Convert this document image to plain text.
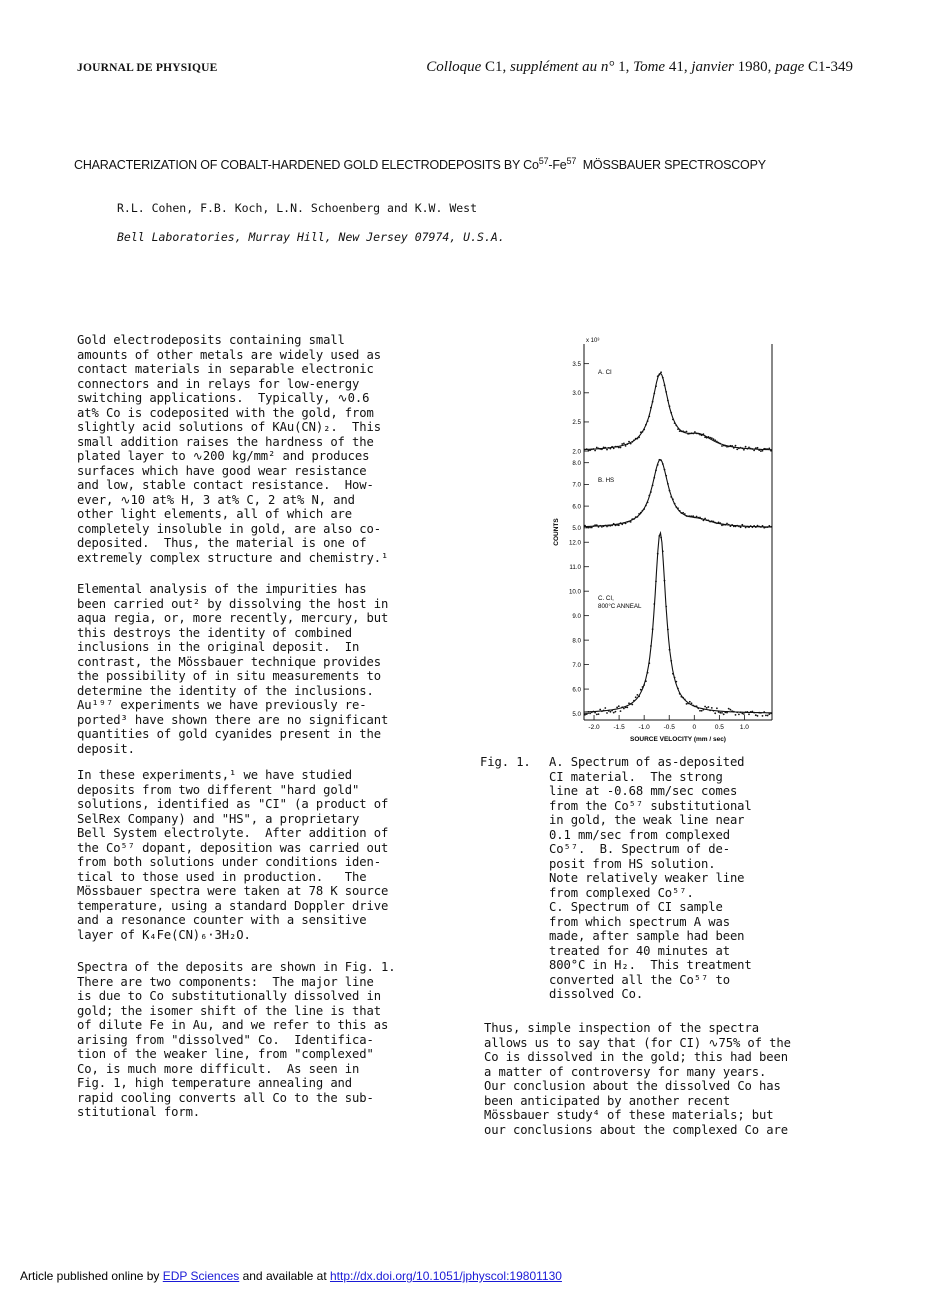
JOURNAL DE PHYSIQUE	Colloque C1, supplément au n° 1, Tome 41, janvier 1980, page C1-349
CHARACTERIZATION OF COBALT-HARDENED GOLD ELECTRODEPOSITS BY Co$^{57}$-Fe$^{57}$  MÖSSBAUER SPECTROSCOPY
R.L. Cohen, F.B. Koch, L.N. Schoenberg and K.W. West
Bell Laboratories, Murray Hill, New Jersey 07974, U.S.A.
Gold electrodeposits containing small
amounts of other metals are widely used as
contact materials in separable electronic
connectors and in relays for low-energy
switching applications.  Typically, ∿0.6
at% Co is codeposited with the gold, from
slightly acid solutions of KAu(CN)₂.  This
small addition raises the hardness of the
plated layer to ∿200 kg/mm² and produces
surfaces which have good wear resistance
and low, stable contact resistance.  How-
ever, ∿10 at% H, 3 at% C, 2 at% N, and
other light elements, all of which are
completely insoluble in gold, are also co-
deposited.  Thus, the material is one of
extremely complex structure and chemistry.¹
Elemental analysis of the impurities has
been carried out² by dissolving the host in
aqua regia, or, more recently, mercury, but
this destroys the identity of combined
inclusions in the original deposit.  In
contrast, the Mössbauer technique provides
the possibility of in situ measurements to
determine the identity of the inclusions.
Au¹⁹⁷ experiments we have previously re-
ported³ have shown there are no significant
quantities of gold cyanides present in the
deposit.
In these experiments,¹ we have studied
deposits from two different "hard gold"
solutions, identified as "CI" (a product of
SelRex Company) and "HS", a proprietary
Bell System electrolyte.  After addition of
the Co⁵⁷ dopant, deposition was carried out
from both solutions under conditions iden-
tical to those used in production.   The
Mössbauer spectra were taken at 78 K source
temperature, using a standard Doppler drive
and a resonance counter with a sensitive
layer of K₄Fe(CN)₆·3H₂O.
Spectra of the deposits are shown in Fig. 1.
There are two components:  The major line
is due to Co substitutionally dissolved in
gold; the isomer shift of the line is that
of dilute Fe in Au, and we refer to this as
arising from "dissolved" Co.  Identifica-
tion of the weaker line, from "complexed"
Co, is much more difficult.  As seen in
Fig. 1, high temperature annealing and
rapid cooling converts all Co to the sub-
stitutional form.
x 10³
COUNTS
-2.0 -1.5 -1.0 -0.5	0	0.5 1.0
SOURCE VELOCITY (mm / sec)
2.0
2.5
3.0
3.5
A. CI
5.0
6.0
7.0
8.0
B. HS
5.0
6.0
7.0
8.0
9.0
10.0
11.0
12.0
C. CI,
800°C ANNEAL
Fig. 1. A. Spectrum of as-deposited
CI material.  The strong
line at -0.68 mm/sec comes
from the Co⁵⁷ substitutional
in gold, the weak line near
0.1 mm/sec from complexed
Co⁵⁷.  B. Spectrum of de-
posit from HS solution.
Note relatively weaker line
from complexed Co⁵⁷.
C. Spectrum of CI sample
from which spectrum A was
made, after sample had been
treated for 40 minutes at
800°C in H₂.  This treatment
converted all the Co⁵⁷ to
dissolved Co.
Thus, simple inspection of the spectra
allows us to say that (for CI) ∿75% of the
Co is dissolved in the gold; this had been
a matter of controversy for many years.
Our conclusion about the dissolved Co has
been anticipated by another recent
Mössbauer study⁴ of these materials; but
our conclusions about the complexed Co are
Article published online by EDP Sciences and available at http://dx.doi.org/10.1051/jphyscol:19801130
